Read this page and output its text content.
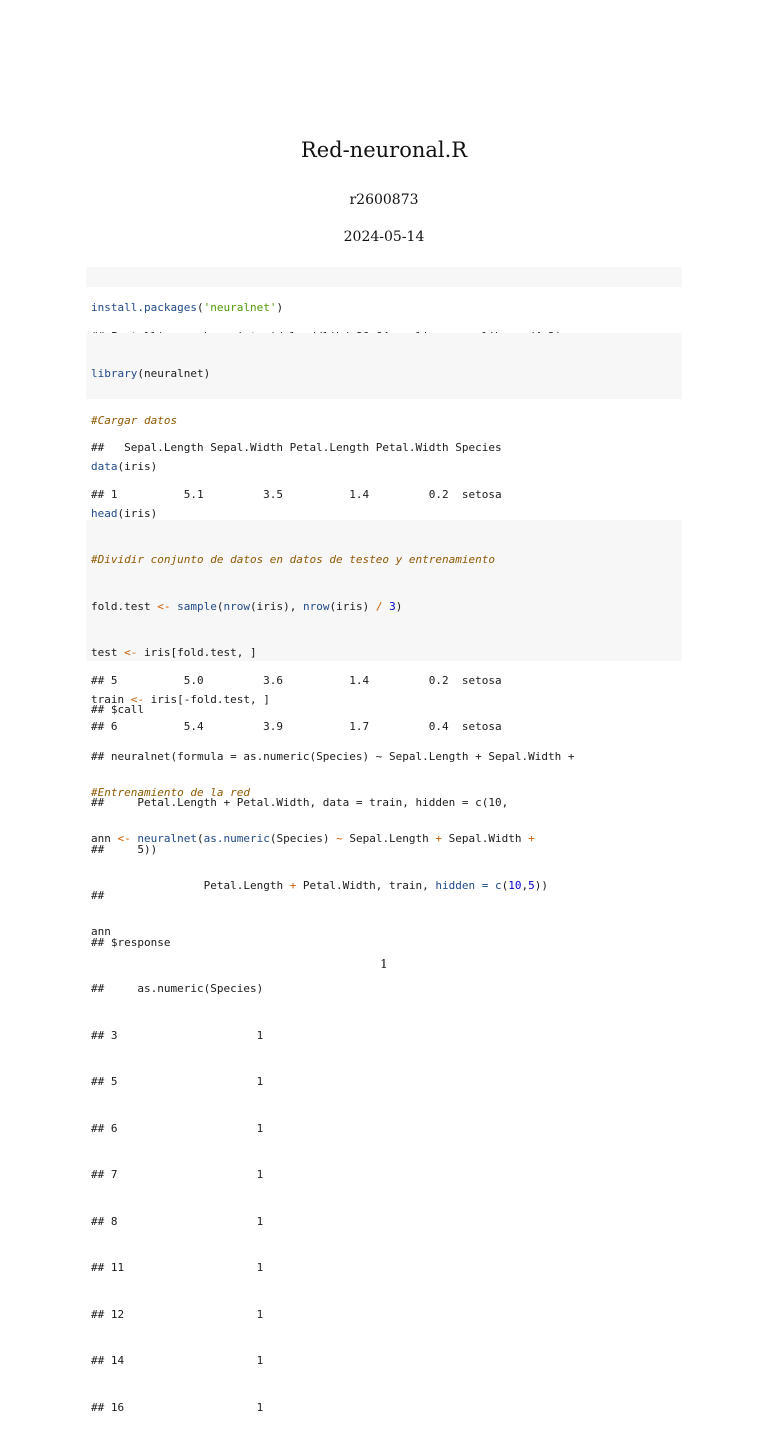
Red-neuronal.R
r2600873
2024-05-14

install.packages('neuralnet')

library(neuralnet)

#Cargar datos

data(iris)

head(iris)

##   Sepal.Length Sepal.Width Petal.Length Petal.Width Species

## 1          5.1         3.5          1.4         0.2  setosa

## 5          5.0         3.6          1.4         0.2  setosa

## 6          5.4         3.9          1.7         0.4  setosa

#Dividir conjunto de datos en datos de testeo y entrenamiento

fold.test <- sample(nrow(iris), nrow(iris) / 3)

test <- iris[fold.test, ]

train <- iris[-fold.test, ]

#Entrenamiento de la red

ann <- neuralnet(as.numeric(Species) ~ Sepal.Length + Sepal.Width +

Petal.Length + Petal.Width, train, hidden = c(10,5))

ann

## $call

## neuralnet(formula = as.numeric(Species) ~ Sepal.Length + Sepal.Width +

##     Petal.Length + Petal.Width, data = train, hidden = c(10,

##     5))

##

## $response

##     as.numeric(Species)

## 3                     1

## 5                     1

## 6                     1

## 7                     1

## 8                     1

## 11                    1

## 12                    1

## 14                    1

## 16                    1

1
